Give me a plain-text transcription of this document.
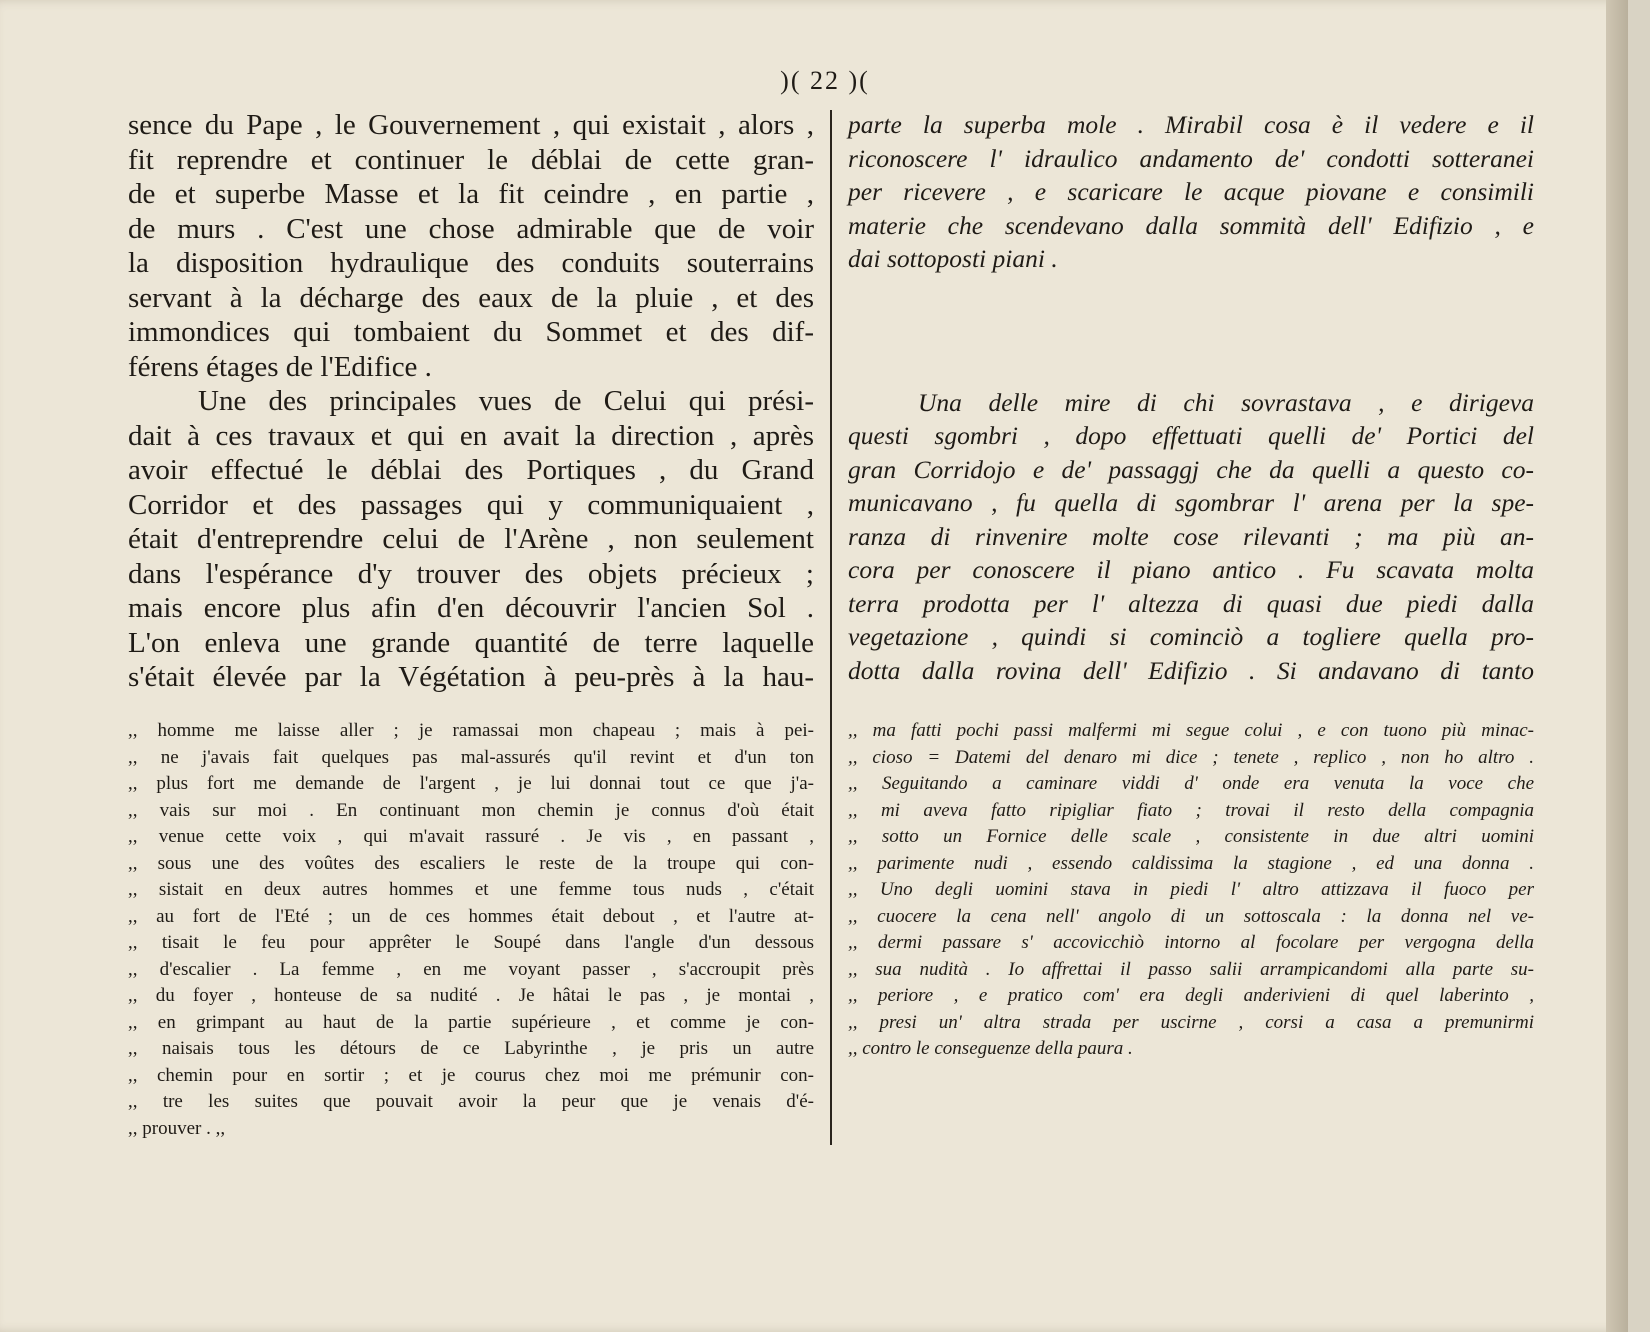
)( 22 )(

sence du Pape , le Gouvernement , qui existait , alors ,
fit reprendre et continuer le déblai de cette gran-
de et superbe Masse et la fit ceindre , en partie ,
de murs . C'est une chose admirable que de voir
la disposition hydraulique des conduits souterrains
servant à la décharge des eaux de la pluie , et des
immondices qui tombaient du Sommet et des dif-
férens étages de l'Edifice .

Une des principales vues de Celui qui prési-
dait à ces travaux et qui en avait la direction , après
avoir effectué le déblai des Portiques , du Grand
Corridor et des passages qui y communiquaient ,
était d'entreprendre celui de l'Arène , non seulement
dans l'espérance d'y trouver des objets précieux ;
mais encore plus afin d'en découvrir l'ancien Sol .
L'on enleva une grande quantité de terre laquelle
s'était élevée par la Végétation à peu-près à la hau-

parte la superba mole . Mirabil cosa è il vedere e il
riconoscere l' idraulico andamento de' condotti sotteranei
per ricevere , e scaricare le acque piovane e consimili
materie che scendevano dalla sommità dell' Edifizio , e
dai sottoposti piani .

Una delle mire di chi sovrastava , e dirigeva
questi sgombri , dopo effettuati quelli de' Portici del
gran Corridojo e de' passaggj che da quelli a questo co-
municavano , fu quella di sgombrar l' arena per la spe-
ranza di rinvenire molte cose rilevanti ; ma più an-
cora per conoscere il piano antico . Fu scavata molta
terra prodotta per l' altezza di quasi due piedi dalla
vegetazione , quindi si cominciò a togliere quella pro-
dotta dalla rovina dell' Edifizio . Si andavano di tanto

,, homme me laisse aller ; je ramassai mon chapeau ; mais à pei-
,, ne j'avais fait quelques pas mal-assurés qu'il revint et d'un ton
,, plus fort me demande de l'argent , je lui donnai tout ce que j'a-
,, vais sur moi . En continuant mon chemin je connus d'où était
,, venue cette voix , qui m'avait rassuré . Je vis , en passant ,
,, sous une des voûtes des escaliers le reste de la troupe qui con-
,, sistait en deux autres hommes et une femme tous nuds , c'était
,, au fort de l'Eté ; un de ces hommes était debout , et l'autre at-
,, tisait le feu pour apprêter le Soupé dans l'angle d'un dessous
,, d'escalier . La femme , en me voyant passer , s'accroupit près
,, du foyer , honteuse de sa nudité . Je hâtai le pas , je montai ,
,, en grimpant au haut de la partie supérieure , et comme je con-
,, naisais tous les détours de ce Labyrinthe , je pris un autre
,, chemin pour en sortir ; et je courus chez moi me prémunir con-
,, tre les suites que pouvait avoir la peur que je venais d'é-
,, prouver . ,,

,, ma fatti pochi passi malfermi mi segue colui , e con tuono più minac-
,, cioso = Datemi del denaro mi dice ; tenete , replico , non ho altro .
,, Seguitando a caminare viddi d' onde era venuta la voce che
,, mi aveva fatto ripigliar fiato ; trovai il resto della compagnia
,, sotto un Fornice delle scale , consistente in due altri uomini
,, parimente nudi , essendo caldissima la stagione , ed una donna .
,, Uno degli uomini stava in piedi l' altro attizzava il fuoco per
,, cuocere la cena nell' angolo di un sottoscala : la donna nel ve-
,, dermi passare s' accovicchiò intorno al focolare per vergogna della
,, sua nudità . Io affrettai il passo salii arrampicandomi alla parte su-
,, periore , e pratico com' era degli anderivieni di quel laberinto ,
,, presi un' altra strada per uscirne , corsi a casa a premunirmi
,, contro le conseguenze della paura .
